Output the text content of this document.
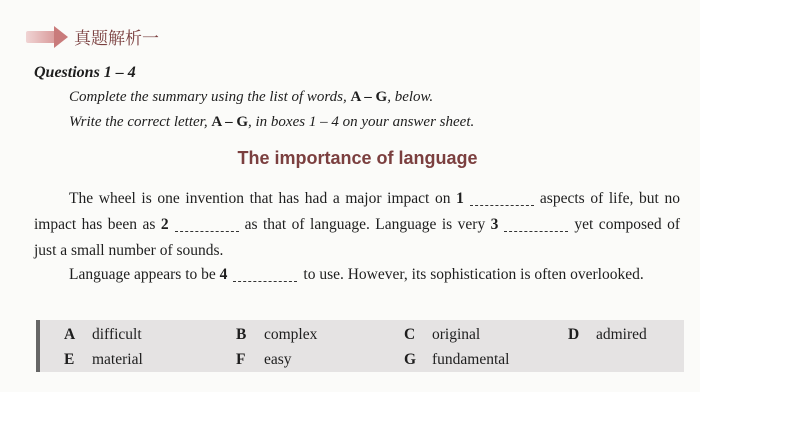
真题解析一
Questions 1 – 4
Complete the summary using the list of words, A – G, below.
Write the correct letter, A – G, in boxes 1 – 4 on your answer sheet.
The importance of language
The wheel is one invention that has had a major impact on 1	aspects of life, but no impact has been as 2	as that of language. Language is very 3	yet composed of just a small number of sounds.
Language appears to be 4	to use. However, its sophistication is often overlooked.
A	difficult	B	complex	C	original	D	admired
E	material	F	easy	G	fundamental
